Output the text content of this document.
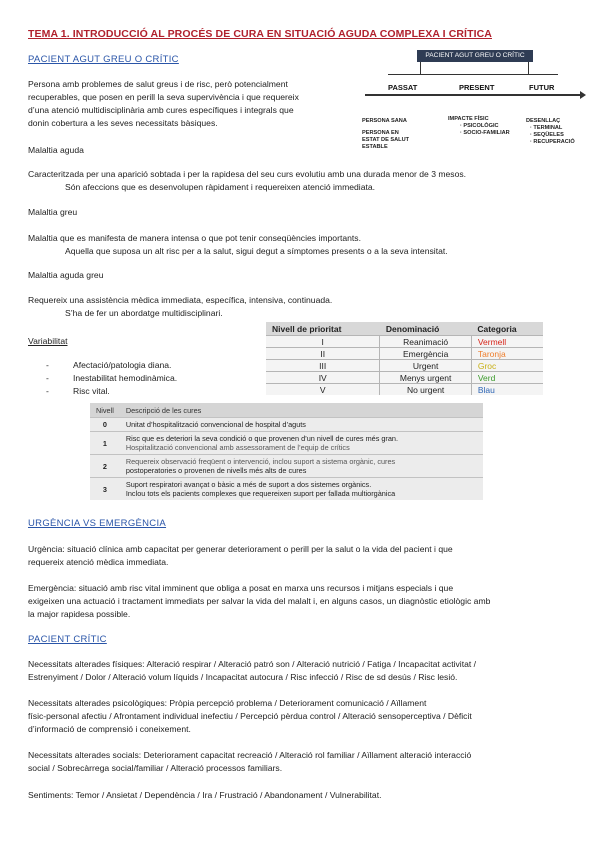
TEMA 1. INTRODUCCIÓ AL PROCÉS DE CURA EN SITUACIÓ AGUDA COMPLEXA I CRÍTICA
PACIENT AGUT GREU O CRÍTIC
Persona amb problemes de salut greus i de risc, però potencialment
recuperables, que posen en perill la seva supervivència i que requereix
d’una atenció multidisciplinària amb cures específiques i integrals que
donin cobertura a les seves necessitats bàsiques.
PACIENT AGUT GREU O CRÍTIC
PASSAT	PRESENT	FUTUR
PERSONA SANA
PERSONA EN
ESTAT DE SALUT
ESTABLE
IMPACTE FÍSIC
· PSICOLÒGIC
· SOCIO-FAMILIAR
DESENLLAÇ
· TERMINAL
· SEQÜELES
· RECUPERACIÓ
Malaltia aguda
Caracteritzada per una aparició sobtada i per la rapidesa del seu curs evolutiu amb una durada menor de 3 mesos.
Són afeccions que es desenvolupen ràpidament i requereixen atenció immediata.
Malaltia greu
Malaltia que es manifesta de manera intensa o que pot tenir conseqüències importants.
Aquella que suposa un alt risc per a la salut, sigui degut a símptomes presents o a la seva intensitat.
Malaltia aguda greu
Requereix una assistència mèdica immediata, específica, intensiva, continuada.
S’ha de fer un abordatge multidisciplinari.
Variabilitat
-	Afectació/patologia diana.
-	Inestabilitat hemodinàmica.
-	Risc vital.
Nivell de prioritat	Denominació	Categoria
I	Reanimació	Vermell
II	Emergència	Taronja
III	Urgent	Groc
IV	Menys urgent	Verd
V	No urgent	Blau
Nivell	Descripció de les cures
0	Unitat d’hospitalització convencional de hospital d’aguts

1	Risc que es deteriori la seva condició o que provenen d’un nivell de cures més gran.
Hospitalització convencional amb assessorament de l’equip de crítics

2	Requereix observació freqüent o intervenció, inclou suport a sistema orgànic, cures
postoperatories o provenen de nivells més alts de cures

3	Suport respiratori avançat o bàsic a més de suport a dos sistemes orgànics.
Inclou tots els pacients complexes que requereixen suport per fallada multiorgànica
URGÈNCIA VS EMERGÈNCIA
Urgència: situació clínica amb capacitat per generar deteriorament o perill per la salut o la vida del pacient i que
requereix atenció mèdica immediata.
Emergència: situació amb risc vital imminent que obliga a posat en marxa uns recursos i mitjans especials i que
exigeixen una actuació i tractament immediats per salvar la vida del malalt i, en alguns casos, un diagnòstic etiològic amb
la major rapidesa possible.
PACIENT CRÍTIC
Necessitats alterades físiques: Alteració respirar / Alteració patró son / Alteració nutrició / Fatiga / Incapacitat activitat /
Estrenyiment / Dolor / Alteració volum líquids / Incapacitat autocura / Risc infecció / Risc de sd desús / Risc lesió.
Necessitats alterades psicològiques: Pròpia percepció problema / Deteriorament comunicació / Aïllament
físic-personal afectiu / Afrontament individual inefectiu / Percepció pèrdua control / Alteració sensoperceptiva / Dèficit
d’informació de comprensió i coneixement.
Necessitats alterades socials: Deteriorament capacitat recreació / Alteració rol familiar / Aïllament alteració interacció
social / Sobrecàrrega social/familiar / Alteració processos familiars.
Sentiments: Temor / Ansietat / Dependència / Ira / Frustració / Abandonament / Vulnerabilitat.
